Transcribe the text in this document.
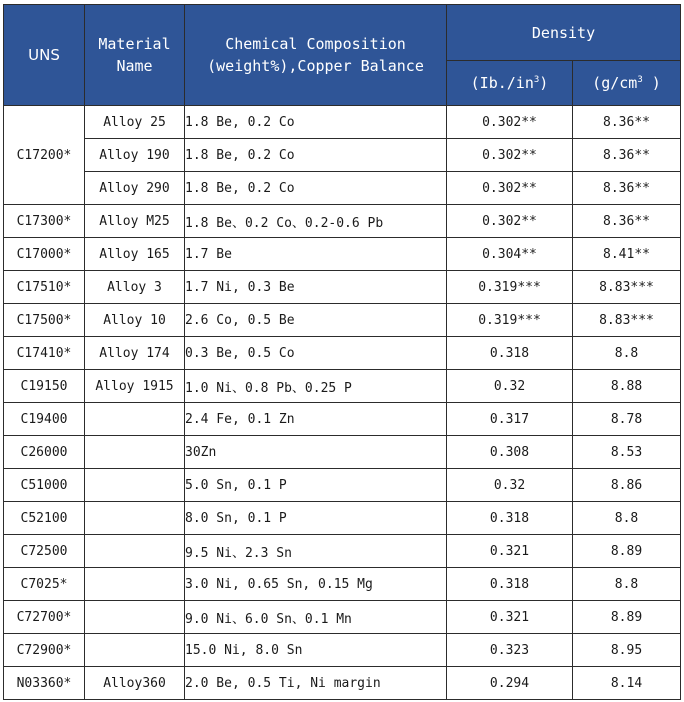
UNS	Material Name	Chemical Composition (weight%),Copper Balance	Density	
			$(Ib./in^3)$	($g/cm^3$ )
C17200*	Alloy 25	1.8 Be, 0.2 Co	0.302**	8.36**
	Alloy 190	1.8 Be, 0.2 Co	0.302**	8.36**
	Alloy 290	1.8 Be, 0.2 Co	0.302**	8.36**
C17300*	Alloy M25	1.8 Be、0.2 Co、0.2-0.6 Pb	0.302**	8.36**
C17000*	Alloy 165	1.7 Be	0.304**	8.41**
C17510*	Alloy 3	1.7 Ni, 0.3 Be	0.319***	8.83***
C17500*	Alloy 10	2.6 Co, 0.5 Be	0.319***	8.83***
C17410*	Alloy 174	0.3 Be, 0.5 Co	0.318	8.8
C19150	Alloy 1915	1.0 Ni、0.8 Pb、0.25 P	0.32	8.88
C19400		2.4 Fe, 0.1 Zn	0.317	8.78
C26000		30Zn	0.308	8.53
C51000		5.0 Sn, 0.1 P	0.32	8.86
C52100		8.0 Sn, 0.1 P	0.318	8.8
C72500		9.5 Ni、2.3 Sn	0.321	8.89
C7025*		3.0 Ni, 0.65 Sn, 0.15 Mg	0.318	8.8
C72700*		9.0 Ni、6.0 Sn、0.1 Mn	0.321	8.89
C72900*		15.0 Ni, 8.0 Sn	0.323	8.95
N03360*	Alloy360	2.0 Be, 0.5 Ti, Ni margin	0.294	8.14
